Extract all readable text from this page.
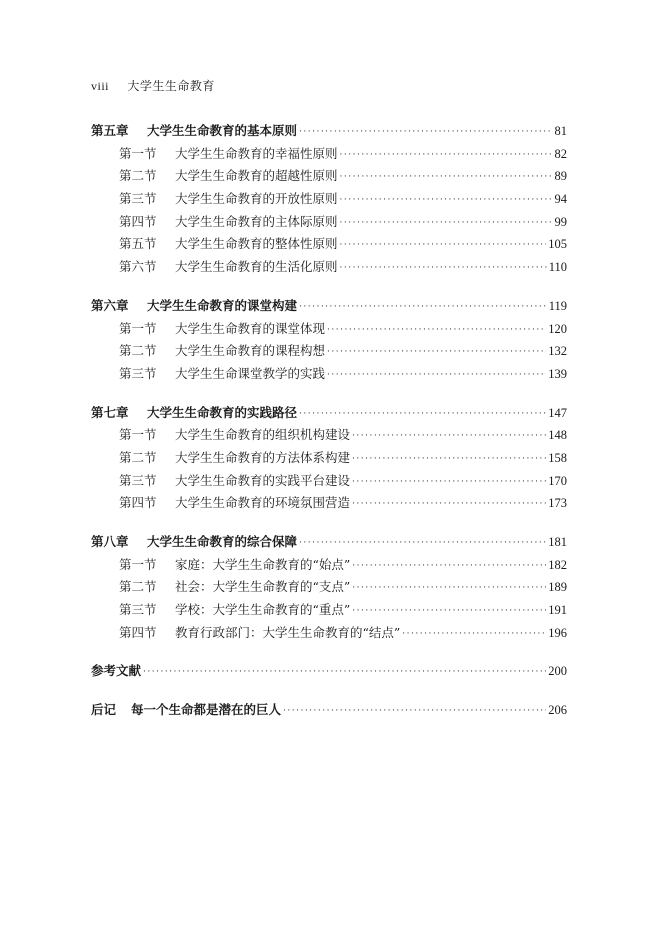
viii 大学生生命教育
第五章	大学生生命教育的基本原则 ·····	81
第一节	大学生生命教育的幸福性原则 ·····	82
第二节	大学生生命教育的超越性原则 ·····	89
第三节	大学生生命教育的开放性原则 ·····	94
第四节	大学生生命教育的主体际原则 ·····	99
第五节	大学生生命教育的整体性原则 ·····	105
第六节	大学生生命教育的生活化原则 ·····	110
第六章	大学生生命教育的课堂构建 ·····	119
第一节	大学生生命教育的课堂体现 ·····	120
第二节	大学生生命教育的课程构想 ·····	132
第三节	大学生生命课堂教学的实践 ·····	139
第七章	大学生生命教育的实践路径 ·····	147
第一节	大学生生命教育的组织机构建设 ·····	148
第二节	大学生生命教育的方法体系构建 ·····	158
第三节	大学生生命教育的实践平台建设 ·····	170
第四节	大学生生命教育的环境氛围营造 ·····	173
第八章	大学生生命教育的综合保障 ·····	181
第一节	家庭：大学生生命教育的“始点” ·····	182
第二节	社会：大学生生命教育的“支点” ·····	189
第三节	学校：大学生生命教育的“重点” ·····	191
第四节	教育行政部门：大学生生命教育的“结点” ·····	196
参考文献 ·····	200
后记	每一个生命都是潜在的巨人 ·····	206
